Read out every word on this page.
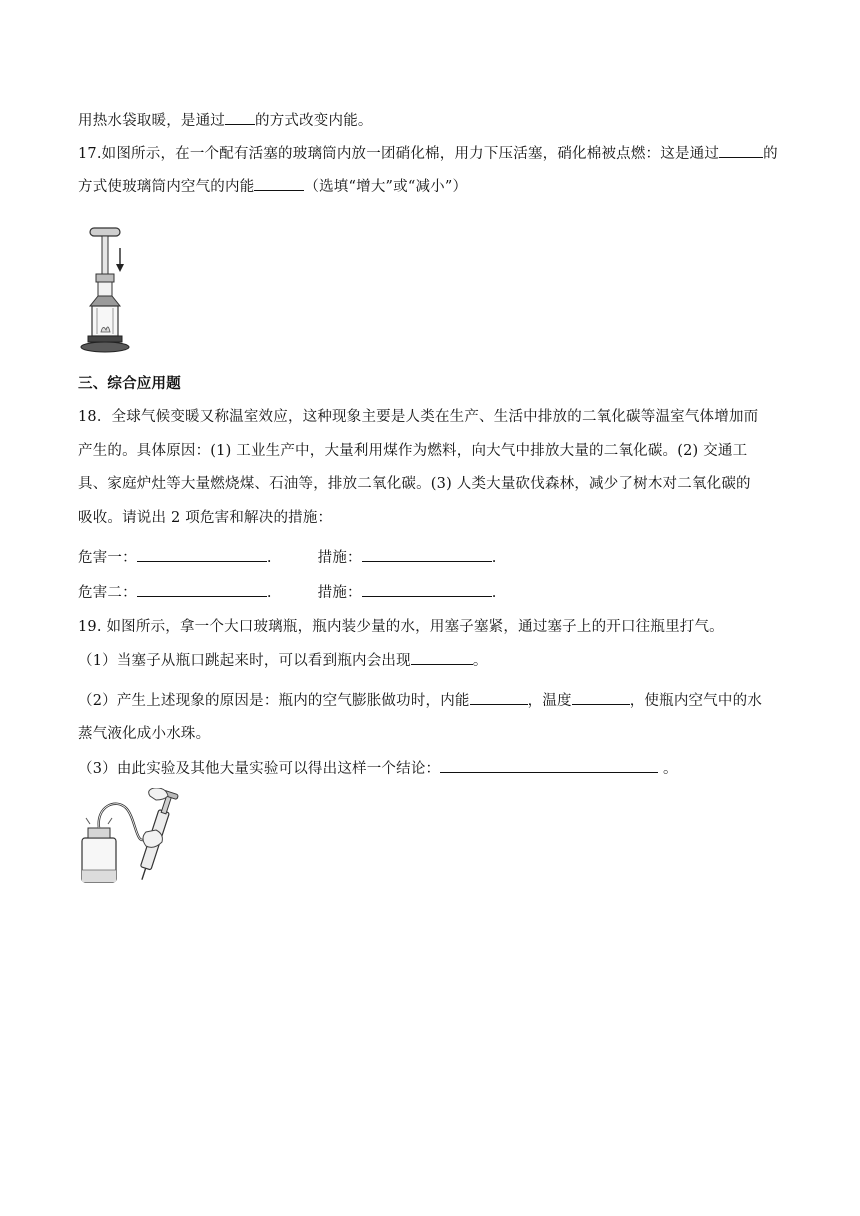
用热水袋取暖，是通过 的方式改变内能。
17.如图所示，在一个配有活塞的玻璃筒内放一团硝化棉，用力下压活塞，硝化棉被点燃：这是通过	的
方式使玻璃筒内空气的内能	（选填“增大”或“减小”）
三、综合应用题
18．全球气候变暖又称温室效应，这种现象主要是人类在生产、生活中排放的二氧化碳等温室气体增加而
产生的。具体原因：(1) 工业生产中，大量利用煤作为燃料，向大气中排放大量的二氧化碳。(2) 交通工
具、家庭炉灶等大量燃烧煤、石油等，排放二氧化碳。(3) 人类大量砍伐森林，减少了树木对二氧化碳的
吸收。请说出 2 项危害和解决的措施：
危害一：	.	措施：	.
危害二：	.	措施：	.
19. 如图所示，拿一个大口玻璃瓶，瓶内装少量的水，用塞子塞紧，通过塞子上的开口往瓶里打气。
（1）当塞子从瓶口跳起来时，可以看到瓶内会出现	。
（2）产生上述现象的原因是：瓶内的空气膨胀做功时，内能	，温度	，使瓶内空气中的水
蒸气液化成小水珠。
（3）由此实验及其他大量实验可以得出这样一个结论：	。
